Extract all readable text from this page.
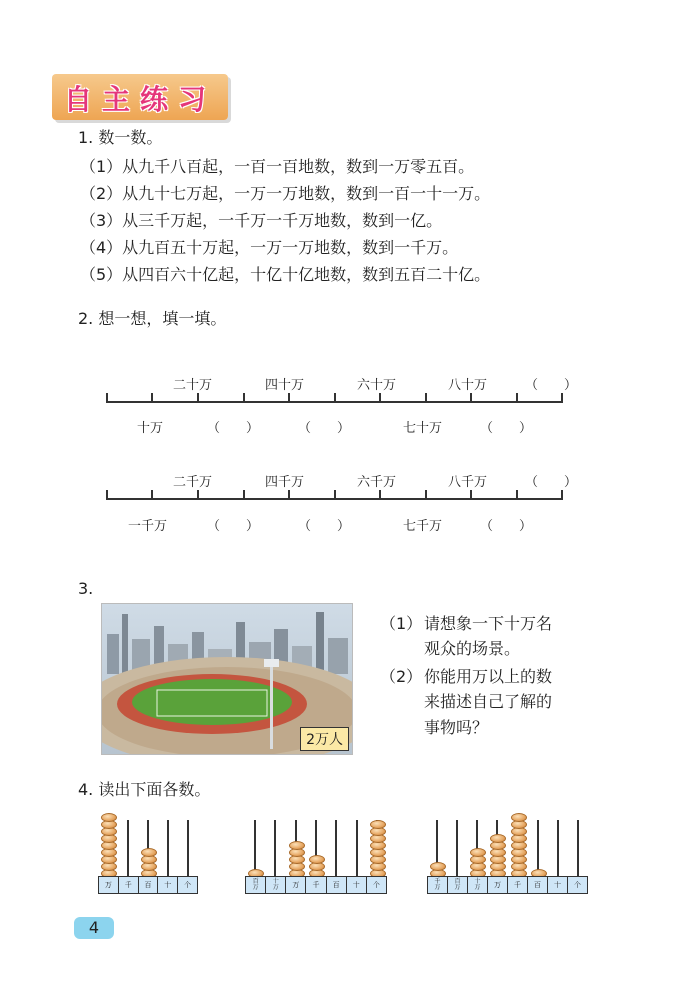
自主练习
1. 数一数。
（1）从九千八百起，一百一百地数，数到一万零五百。
（2）从九十七万起，一万一万地数，数到一百一十一万。
（3）从三千万起，一千万一千万地数，数到一亿。
（4）从九百五十万起，一万一万地数，数到一千万。
（5）从四百六十亿起，十亿十亿地数，数到五百二十亿。
2. 想一想，填一填。
二十万	四十万	六十万	八十万	（　　）
十万	（　　）	（　　）	七十万	（　　）
二千万	四千万	六千万	八千万	（　　）
一千万	（　　）	（　　）	七千万	（　　）
3.
2万人
（1） 请想象一下十万名
观众的场景。
（2） 你能用万以上的数
来描述自己了解的
事物吗？
4. 读出下面各数。
万	千	百	十	个	百
万
十
万	万	千	百	十	个	千
万
百
万
十
万	万	千	百	十	个
4
